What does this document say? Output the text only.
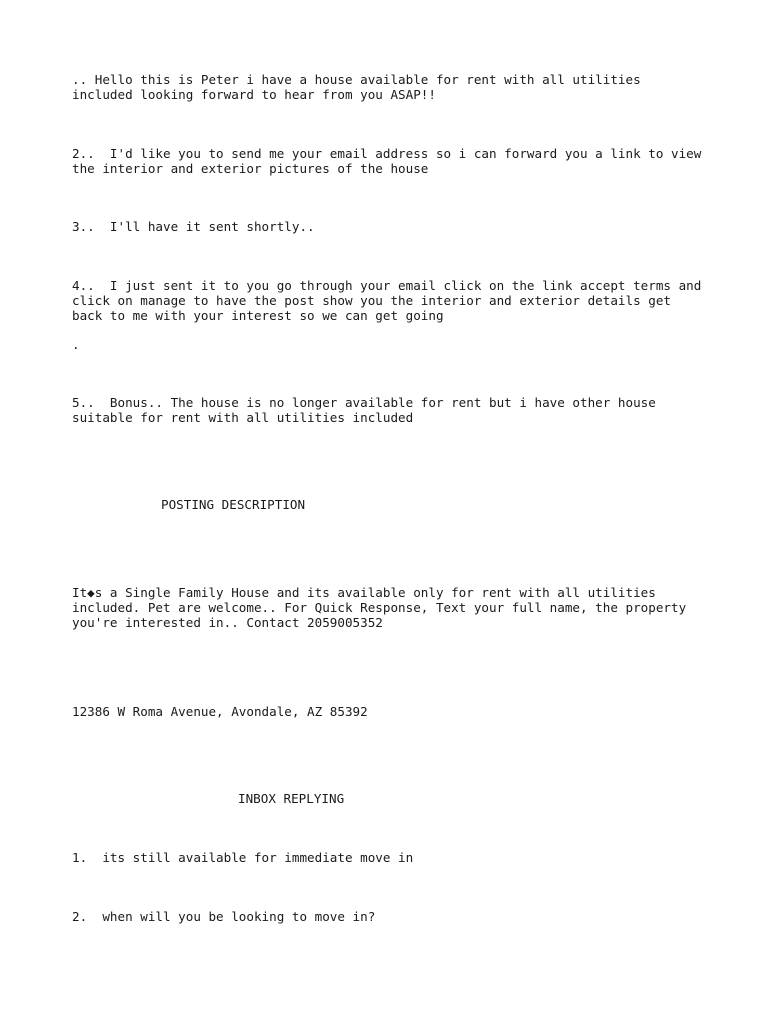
.. Hello this is Peter i have a house available for rent with all utilities
included looking forward to hear from you ASAP!!

2..  I'd like you to send me your email address so i can forward you a link to view
the interior and exterior pictures of the house

3..  I'll have it sent shortly..

4..  I just sent it to you go through your email click on the link accept terms and
click on manage to have the post show you the interior and exterior details get
back to me with your interest so we can get going

.

5..  Bonus.. The house is no longer available for rent but i have other house
suitable for rent with all utilities included

POSTING DESCRIPTION

It◆s a Single Family House and its available only for rent with all utilities
included. Pet are welcome.. For Quick Response, Text your full name, the property
you're interested in.. Contact 2059005352

12386 W Roma Avenue, Avondale, AZ 85392

INBOX REPLYING

1.  its still available for immediate move in

2.  when will you be looking to move in?
